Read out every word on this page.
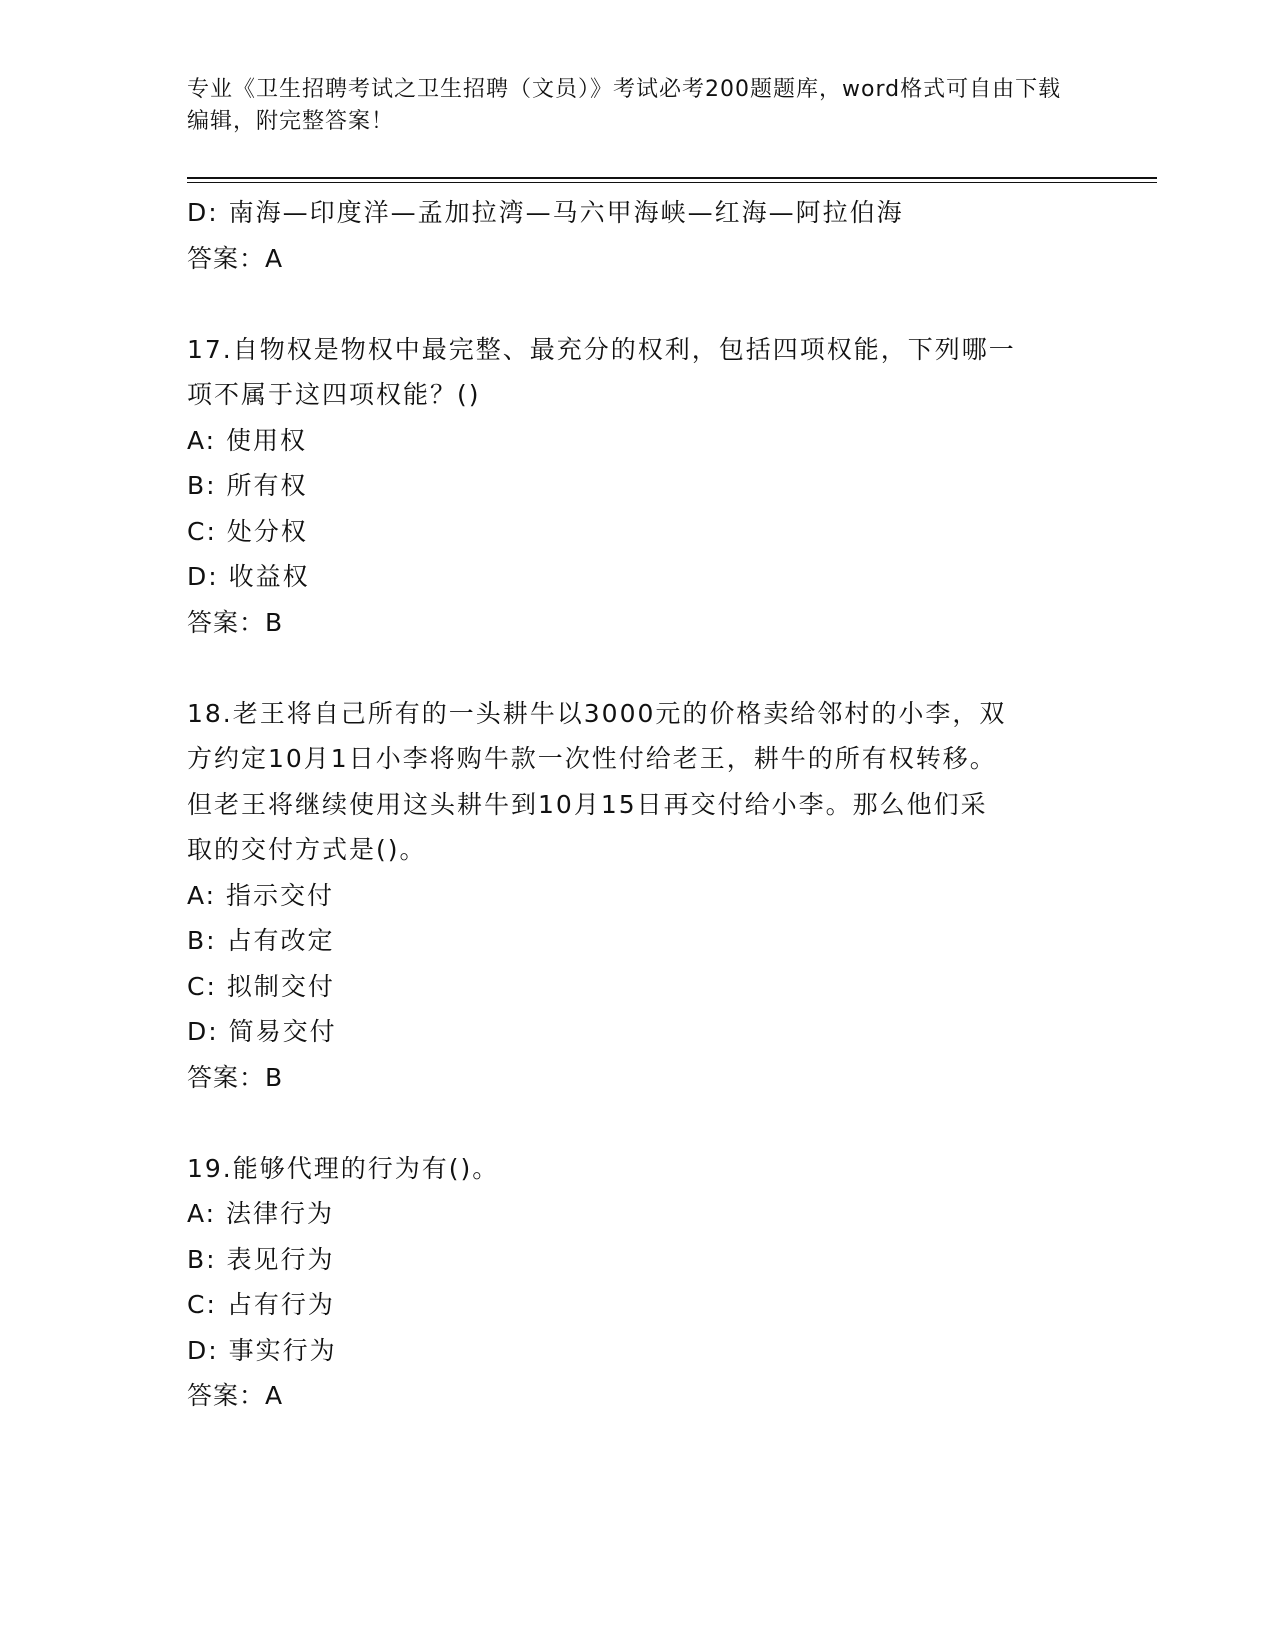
专业《卫生招聘考试之卫生招聘（文员）》考试必考200题题库，word格式可自由下载编辑，附完整答案！
D: 南海—印度洋—孟加拉湾—马六甲海峡—红海—阿拉伯海
答案：A
17.自物权是物权中最完整、最充分的权利，包括四项权能，下列哪一
项不属于这四项权能？()
A: 使用权
B: 所有权
C: 处分权
D: 收益权
答案：B
18.老王将自己所有的一头耕牛以3000元的价格卖给邻村的小李，双
方约定10月1日小李将购牛款一次性付给老王，耕牛的所有权转移。
但老王将继续使用这头耕牛到10月15日再交付给小李。那么他们采
取的交付方式是()。
A: 指示交付
B: 占有改定
C: 拟制交付
D: 简易交付
答案：B
19.能够代理的行为有()。
A: 法律行为
B: 表见行为
C: 占有行为
D: 事实行为
答案：A
